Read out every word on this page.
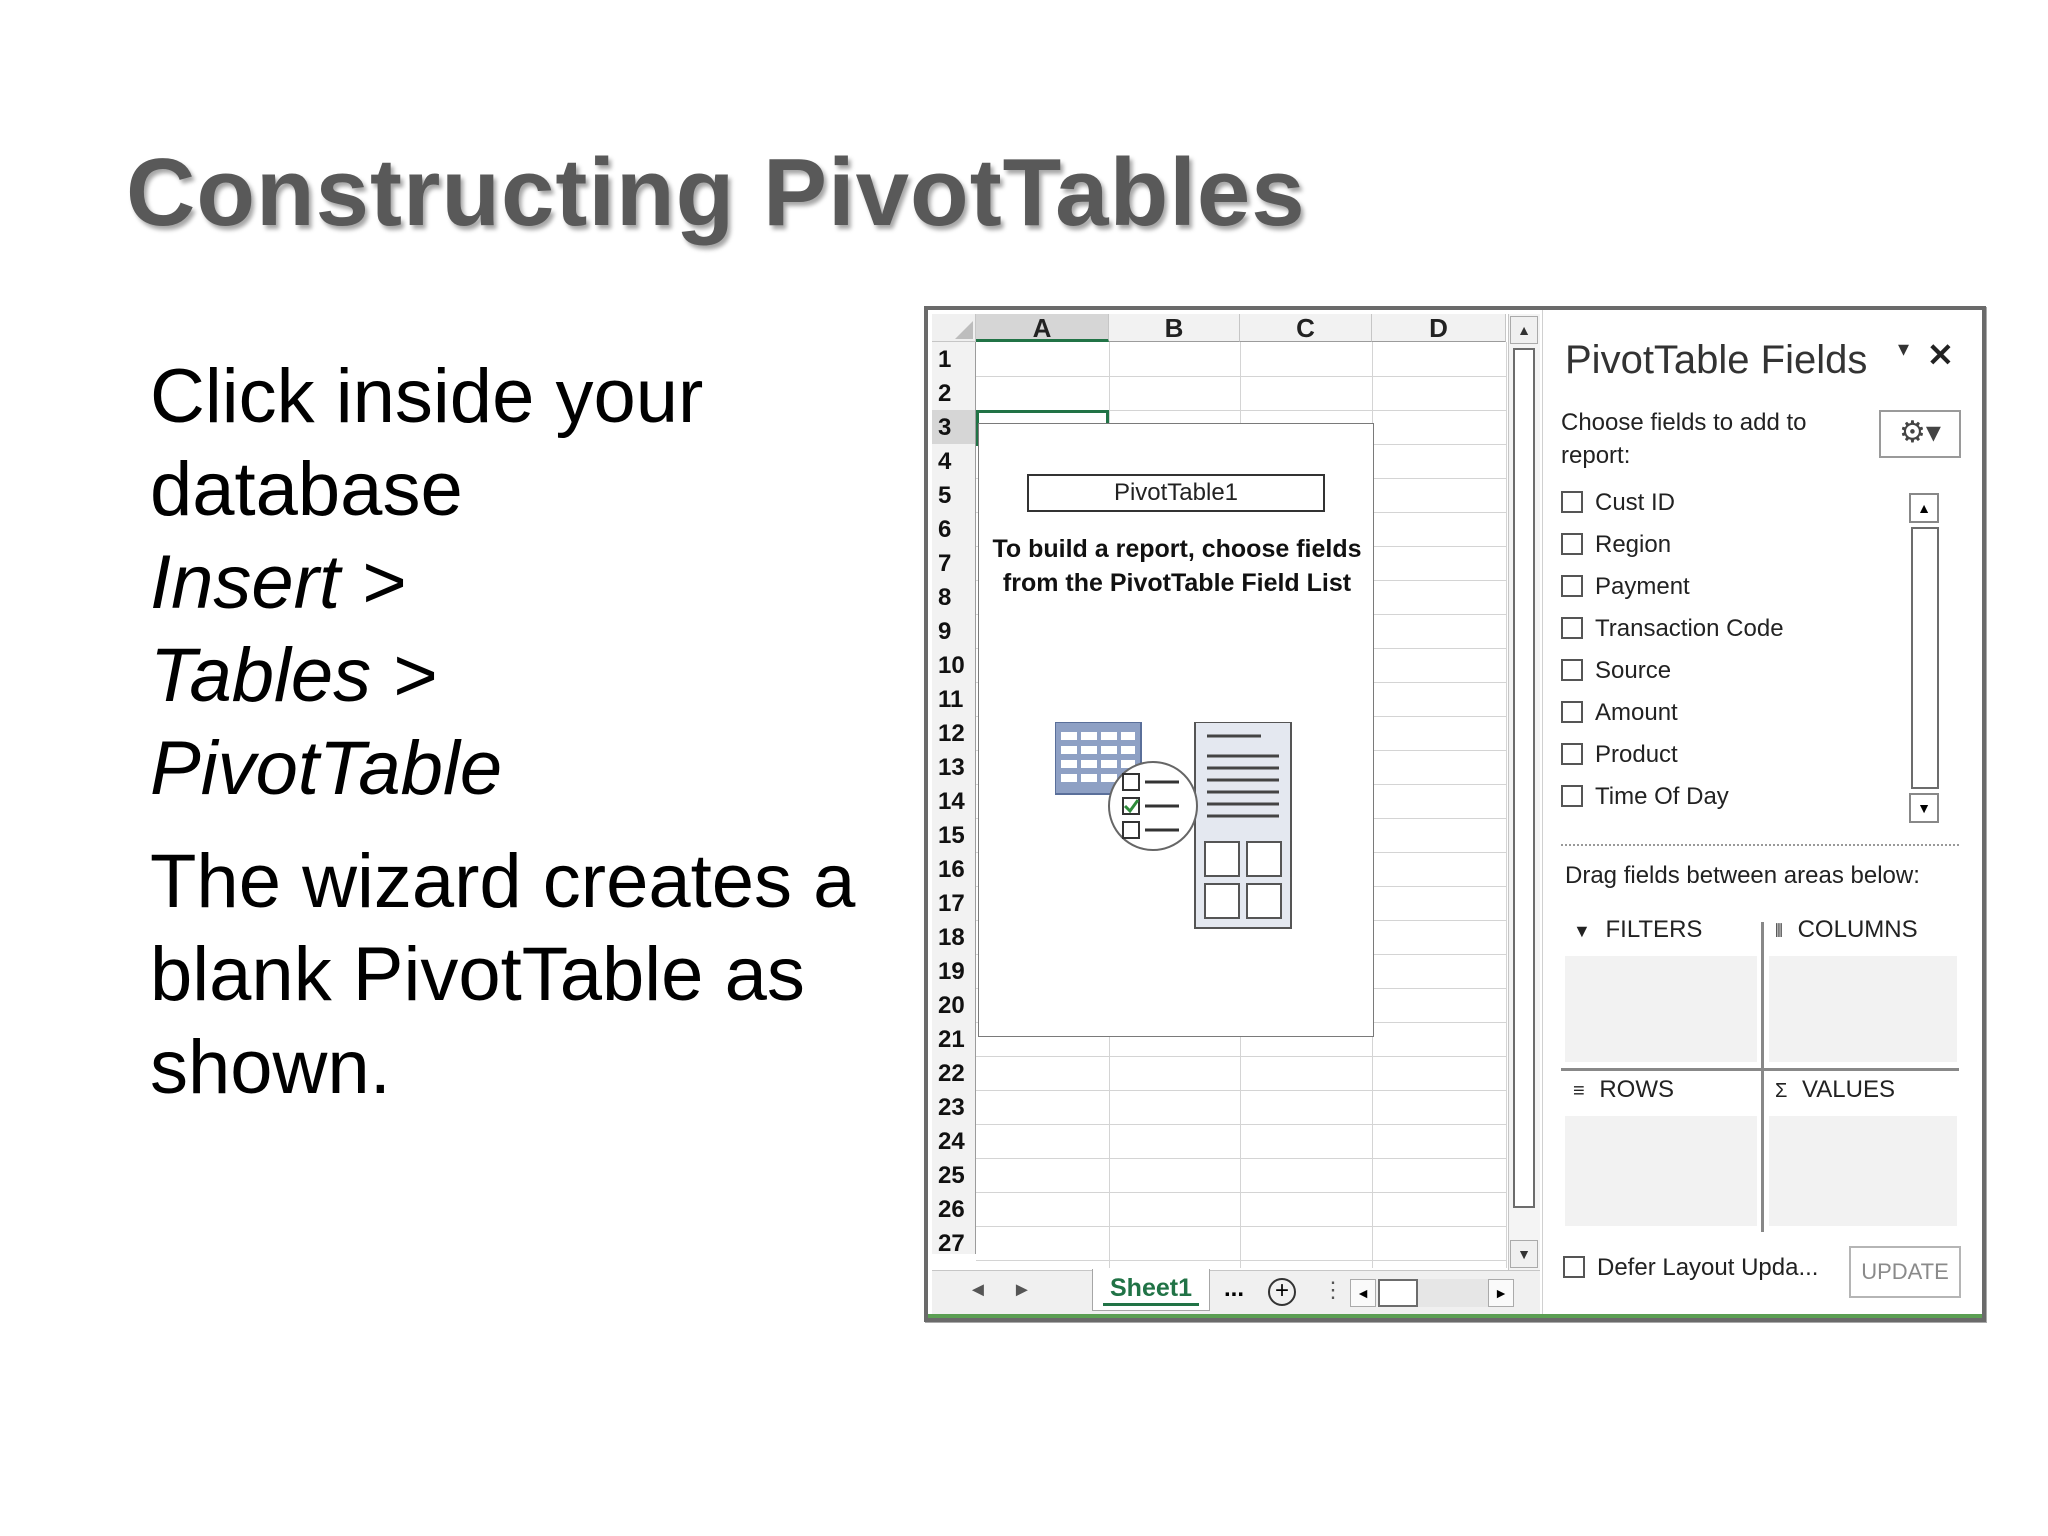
Constructing PivotTables
Click inside your
database
Insert >
Tables >
PivotTable
The wizard creates a
blank PivotTable as
shown.
A	B	C	D
1
2
3
4
5
6
7
8
9
10
11
12
13
14
15
16
17
18
19
20
21
22
23
24
25
26
27
PivotTable1
To build a report, choose fields
from the PivotTable Field List
▲
▼
◄ ►	Sheet1	... +	⋮ ◄	►
PivotTable Fields ▾ ✕
Choose fields to add to report:
⚙▾
Cust ID
Region
Payment
Transaction Code
Source
Amount
Product
Time Of Day
▲
▼
Drag fields between areas below:
▼ FILTERS	⦀ COLUMNS
≡ ROWS	Σ VALUES
Defer Layout Upda...	UPDATE
